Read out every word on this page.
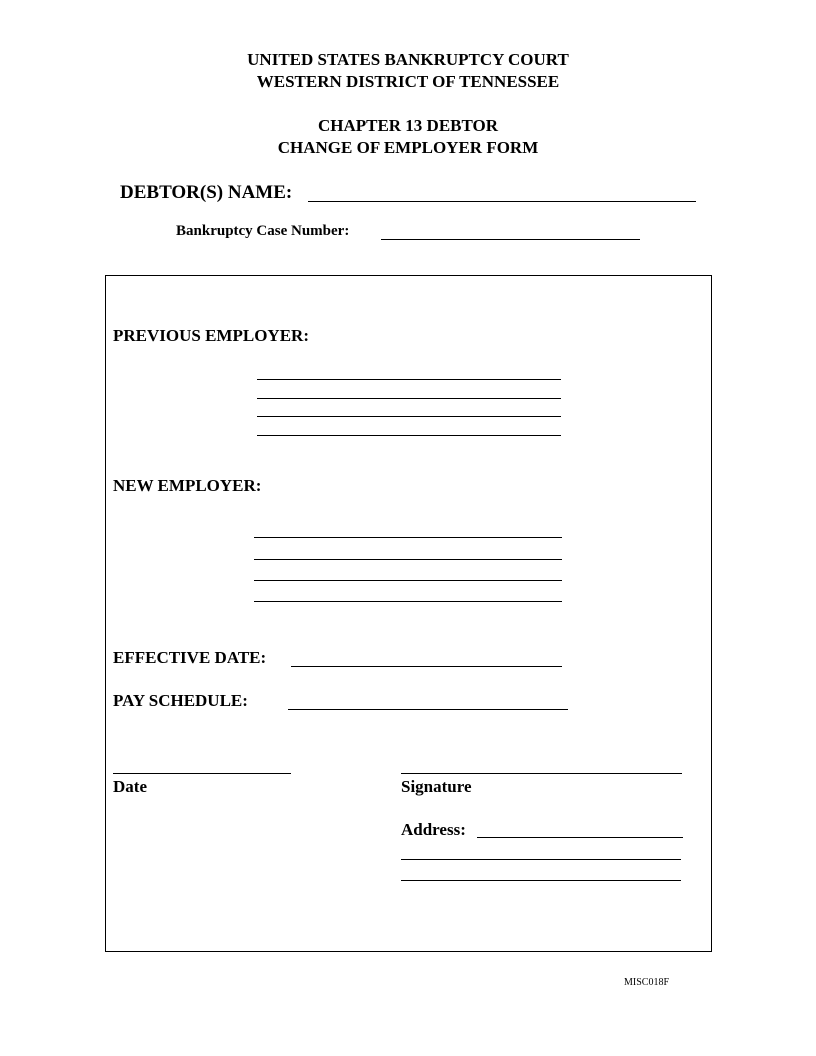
UNITED STATES BANKRUPTCY COURT
WESTERN DISTRICT OF TENNESSEE
CHAPTER 13 DEBTOR
CHANGE OF EMPLOYER FORM
DEBTOR(S) NAME:
Bankruptcy Case Number:
PREVIOUS EMPLOYER:
NEW EMPLOYER:
EFFECTIVE DATE:
PAY SCHEDULE:
Date	Signature
Address:
MISC018F
